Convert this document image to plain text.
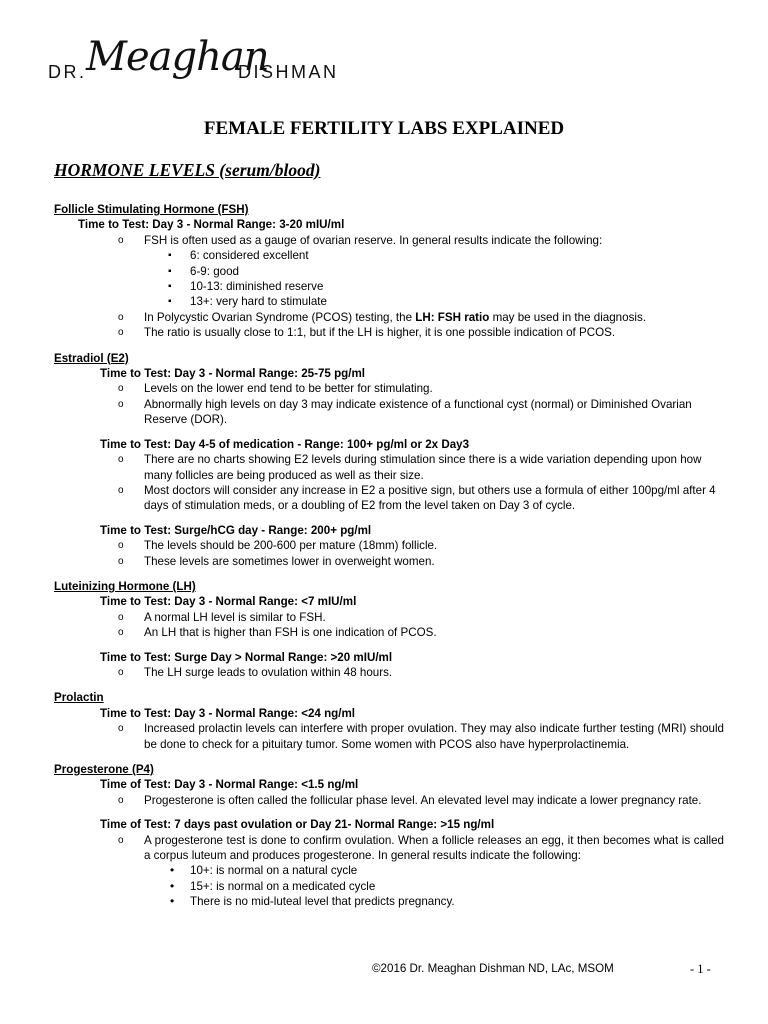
DR. Meaghan
DISHMAN
FEMALE FERTILITY LABS EXPLAINED
HORMONE LEVELS (serum/blood)
Follicle Stimulating Hormone (FSH)
Time to Test: Day 3 - Normal Range: 3-20 mIU/ml
o FSH is often used as a gauge of ovarian reserve. In general results indicate the following:
▪ 6: considered excellent
▪ 6-9: good
▪ 10-13: diminished reserve
▪ 13+: very hard to stimulate
o In Polycystic Ovarian Syndrome (PCOS) testing, the LH: FSH ratio may be used in the diagnosis.
o The ratio is usually close to 1:1, but if the LH is higher, it is one possible indication of PCOS.
Estradiol (E2)
Time to Test: Day 3 - Normal Range: 25-75 pg/ml
o Levels on the lower end tend to be better for stimulating.
o Abnormally high levels on day 3 may indicate existence of a functional cyst (normal) or Diminished Ovarian Reserve (DOR).
Time to Test: Day 4-5 of medication - Range: 100+ pg/ml or 2x Day3
o There are no charts showing E2 levels during stimulation since there is a wide variation depending upon how many follicles are being produced as well as their size.
o Most doctors will consider any increase in E2 a positive sign, but others use a formula of either 100pg/ml after 4 days of stimulation meds, or a doubling of E2 from the level taken on Day 3 of cycle.
Time to Test: Surge/hCG day - Range: 200+ pg/ml
o The levels should be 200-600 per mature (18mm) follicle.
o These levels are sometimes lower in overweight women.
Luteinizing Hormone (LH)
Time to Test: Day 3 - Normal Range: <7 mIU/ml
o A normal LH level is similar to FSH.
o An LH that is higher than FSH is one indication of PCOS.
Time to Test: Surge Day > Normal Range: >20 mIU/ml
o The LH surge leads to ovulation within 48 hours.
Prolactin
Time to Test: Day 3 - Normal Range: <24 ng/ml
o Increased prolactin levels can interfere with proper ovulation. They may also indicate further testing (MRI) should be done to check for a pituitary tumor. Some women with PCOS also have hyperprolactinemia.
Progesterone (P4)
Time of Test: Day 3 - Normal Range: <1.5 ng/ml
o Progesterone is often called the follicular phase level. An elevated level may indicate a lower pregnancy rate.
Time of Test: 7 days past ovulation or Day 21- Normal Range: >15 ng/ml
o A progesterone test is done to confirm ovulation. When a follicle releases an egg, it then becomes what is called a corpus luteum and produces progesterone. In general results indicate the following:
• 10+: is normal on a natural cycle
• 15+: is normal on a medicated cycle
• There is no mid-luteal level that predicts pregnancy.
©2016 Dr. Meaghan Dishman ND, LAc, MSOM	- 1 -
